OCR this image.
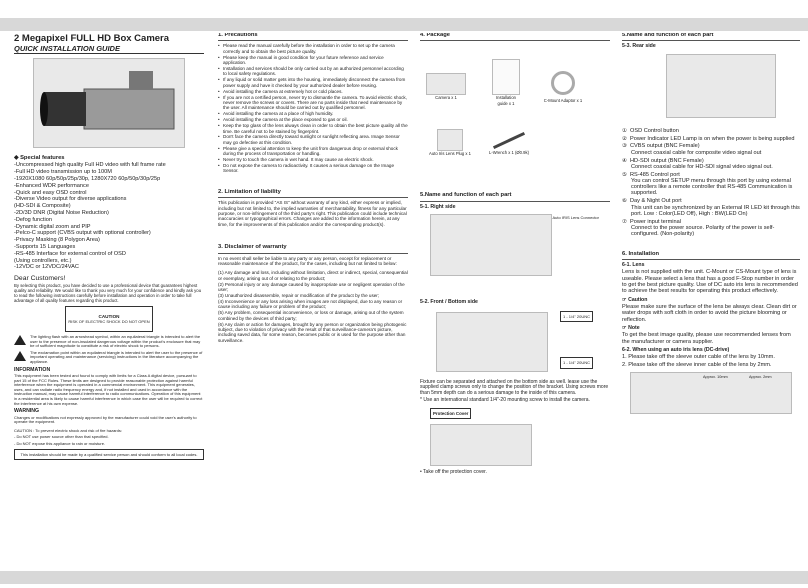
2 Megapixel FULL HD Box Camera
QUICK INSTALLATION GUIDE
◆ Special features
-Uncompressed high quality Full HD video with full frame rate
-Full HD video transmission up to 100M
-1920X1080 60p/50p/25p/30p, 1280X720 60p/50p/30p/25p
-Enhanced WDR performance
-Quick and easy OSD control
-Diverse Video output for diverse applications
(HD-SDI & Composite)
-2D/3D DNR (Digital Noise Reduction)
-Defog function
-Dynamic digital zoom and PIP
-Pelco-C support (CVBS output with optional controller)
-Privacy Masking (8 Polygon Area)
-Supports 15 Languages
-RS-485 Interface for external control of OSD
(Using controllers, etc.)
-12VDC or 12VDC/24VAC
Dear Customers!

By selecting this product, you have decided to use a professional device that guarantees highest quality and reliability. We would like to thank you very much for your confidence and kindly ask you to read the following instructions carefully before installation and operation in order to take full advantage of all quality features regarding this product.

CAUTION
RISK OF ELECTRIC SHOCK DO NOT OPEN
The lighting flash with an arrowhead symbol, within an equilateral triangle is intended to alert the user to the presence of non-insulated dangerous voltage within the product's enclosure that may be of sufficient magnitude to constitute a risk of electric shock to persons.
The exclamation point within an equilateral triangle is intended to alert the user to the presence of important operating and maintenance (servicing) instructions in the literature accompanying the appliance.
INFORMATION

This equipment has been tested and found to comply with limits for a Class A digital device, pursuant to part 15 of the FCC Rules. These limits are designed to provide reasonable protection against harmful interference when the equipment is operated in a commercial environment. This equipment generates, uses, and can radiate radio frequency energy and, if not installed and used in accordance with the instruction manual, may cause harmful interference to radio communications. Operation of this equipment in a residential area is likely to cause harmful interference in which case the user will be required to correct the interference at his own expense.

WARNING

Changes or modifications not expressly approved by the manufacturer could void the user's authority to operate the equipment.

CAUTION : To prevent electric shock and risk of fire hazards:

- Do NOT use power source other than that specified.

- Do NOT expose this appliance to rain or moisture.

This installation should be made by a qualified service person and should conform to all local codes.
1. Precautions
• Please read the manual carefully before the installation in order to set up the camera correctly and to obtain the best picture quality.
• Please keep the manual in good condition for your future reference and service application.
• Installation and services should be only carried out by an authorized personnel according to local safety regulations.
• If any liquid or solid matter gets into the housing, immediately disconnect the camera from power supply and have it checked by your authorized dealer before reusing.
• Avoid installing the camera at extremely hot or cold places.
• If you are not a certified person, never try to dismantle the camera. To avoid electric shock, never remove the screws or covers. There are no parts inside that need maintenance by the user. All maintenance should be carried out by qualified personnel.
• Avoid installing the camera at a place of high humidity.
• Avoid installing the camera at the place exposed to gas or oil.
• Keep the top glass of the lens always clean in order to obtain the best picture quality all the time. Be careful not to be stained by fingerprint.
• Don't face the camera directly toward sunlight or sunlight reflecting area. Image Sensor may go defective at this condition.
• Please give a special attention to keep the unit from dangerous drop or external shock during the process of transportation or handling.
• Never try to touch the camera in wet hand. It may cause an electric shock.
• Do not expose the camera to radioactivity. It causes a serious damage on the Image Sensor.
2. Limitation of liability

This publication is provided "AS IS" without warranty of any kind, either express or implied, including but not limited to, the implied warranties of merchantability, fitness for any particular purpose, or non-infringement of the third party's right. This publication could include technical inaccuracies or typographical errors. Changes are added to the information herein, at any time, for the improvements of this publication and/or the corresponding product(s).

3. Disclaimer of warranty

In no event shall seller be liable to any party or any person, except for replacement or reasonable maintenance of the product, for the cases, including but not limited to below:

(1) Any damage and loss, including without limitation, direct or indirect, special, consequential or exemplary, arising out of or relating to the product;
(2) Personal injury or any damage caused by inappropriate use or negligent operation of the user;
(3) Unauthorized disassemble, repair or modification of the product by the user;
(4) Inconvenience or any loss arising when images are not displayed, due to any reason or cause including any failure or problem of the product;
(5) Any problem, consequential inconvenience, or loss or damage, arising out of the system combined by the devices of third party;
(6) Any claim or action for damages, brought by any person or organization being photogenic subject, due to violation of privacy with the result of that surveillance-camera's picture, including saved data, for some reason, becomes public or is used for the purpose other than surveillance.
4. Package
Camera x 1	Installation guide x 1	C-Mount Adaptor x 1
Auto Iris Lens Plug x 1	L-Wrench x 1 (Ø0.9k)
5.Name and function of each part
5-1. Right side
Auto IRIS Lens Connector
5-2. Front / Bottom side
1 - 1/4" 20UNC
1 - 1/4" 20UNC

Fixture can be separated and attached on the bottom side as well. lease use the supplied clamp screws only to change the position of the bracket. Using screws more than 5mm depth can do a serious damage to the inside of this camera.

* Use an international standard 1/4"-20 mounting screw to install the camera.

Protection Cover

• Take off the protection cover.

5.Name and function of each part
5-3. Rear side
① OSD Control button
② Power Indicator LED Lamp is on when the power is being supplied
③ CVBS output (BNC Female)
Connect coaxial cable for composite video signal out
④ HD-SDI output (BNC Female)
Connect coaxial cable for HD-SDI signal video signal out.
⑤ RS-485 Control port
You can control SETUP menu through this port by using external controllers like a remote controller that RS-485 Communication is supported.
⑥ Day & Night Out port
This unit can be synchronized by an External IR LED kit through this port. Low : Color(LED Off), High : BW(LED On)
⑦ Power input terminal
Connect to the power source. Polarity of the power is self-configured. (Non-polarity)
6. Installation
6-1. Lens

Lens is not supplied with the unit. C-Mount or CS-Mount type of lens is useable. Please select a lens that has a good F-Stop number in order to get the best picture quality. Use of DC auto iris lens is recommended to achieve the best results for operating this product effectively.

☞ Caution

Please make sure the surface of the lens be always clear. Clean dirt or water drops with soft cloth in order to avoid the picture blooming or reflection.

☞ Note

To get the best image quality, please use recommended lenses from the manufacturer or camera supplier.

6-2. When using an auto iris lens (DC-drive)

1. Please take off the sleeve outer cable of the lens by 10mm.

2. Please take off the sleeve inner cable of the lens by 2mm.

Approx. 10mm	Approx. 2mm
